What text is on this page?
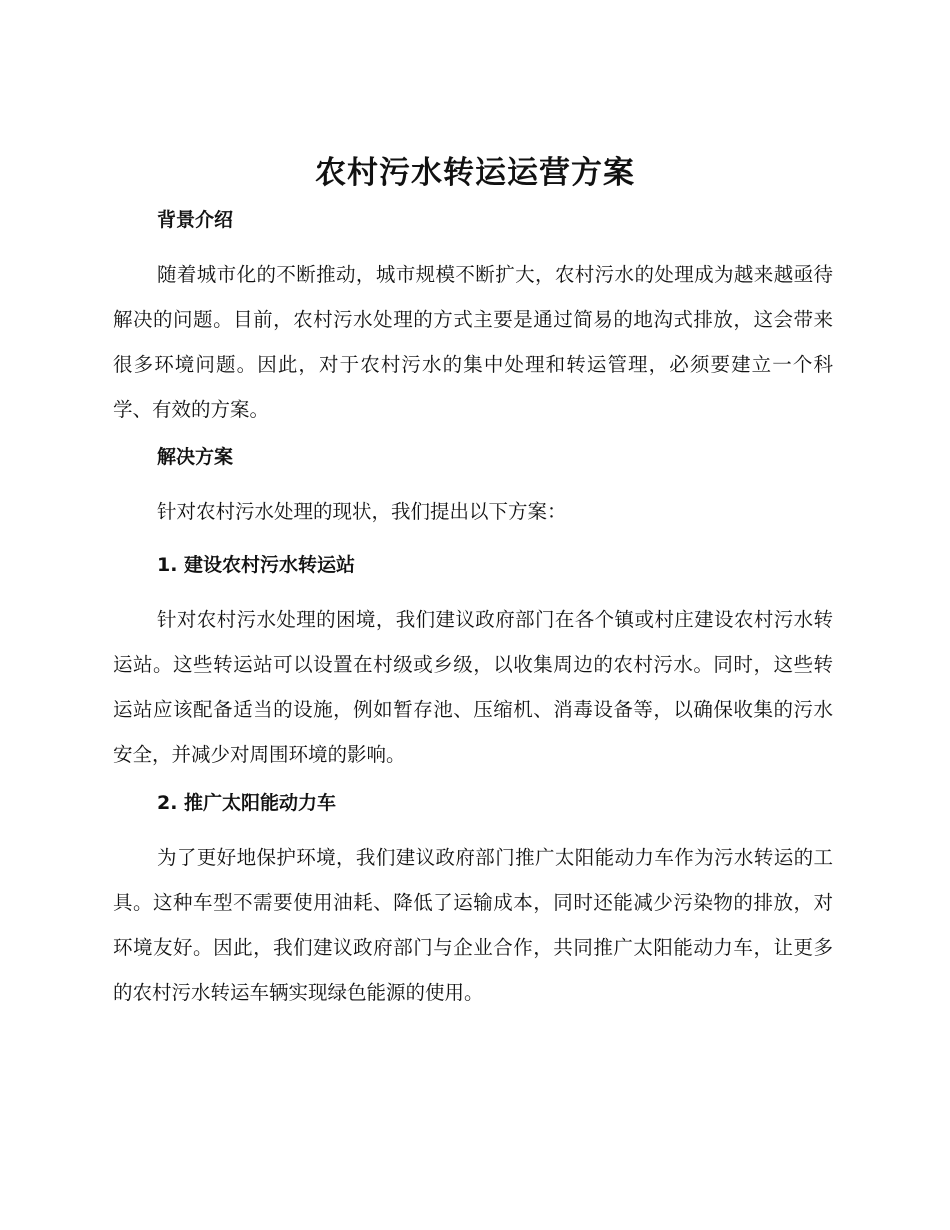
农村污水转运运营方案
背景介绍

随着城市化的不断推动，城市规模不断扩大，农村污水的处理成为越来越亟待解决的问题。目前，农村污水处理的方式主要是通过简易的地沟式排放，这会带来很多环境问题。因此，对于农村污水的集中处理和转运管理，必须要建立一个科学、有效的方案。

解决方案

针对农村污水处理的现状，我们提出以下方案：

1. 建设农村污水转运站

针对农村污水处理的困境，我们建议政府部门在各个镇或村庄建设农村污水转运站。这些转运站可以设置在村级或乡级，以收集周边的农村污水。同时，这些转运站应该配备适当的设施，例如暂存池、压缩机、消毒设备等，以确保收集的污水安全，并减少对周围环境的影响。

2. 推广太阳能动力车

为了更好地保护环境，我们建议政府部门推广太阳能动力车作为污水转运的工具。这种车型不需要使用油耗、降低了运输成本，同时还能减少污染物的排放，对环境友好。因此，我们建议政府部门与企业合作，共同推广太阳能动力车，让更多的农村污水转运车辆实现绿色能源的使用。
